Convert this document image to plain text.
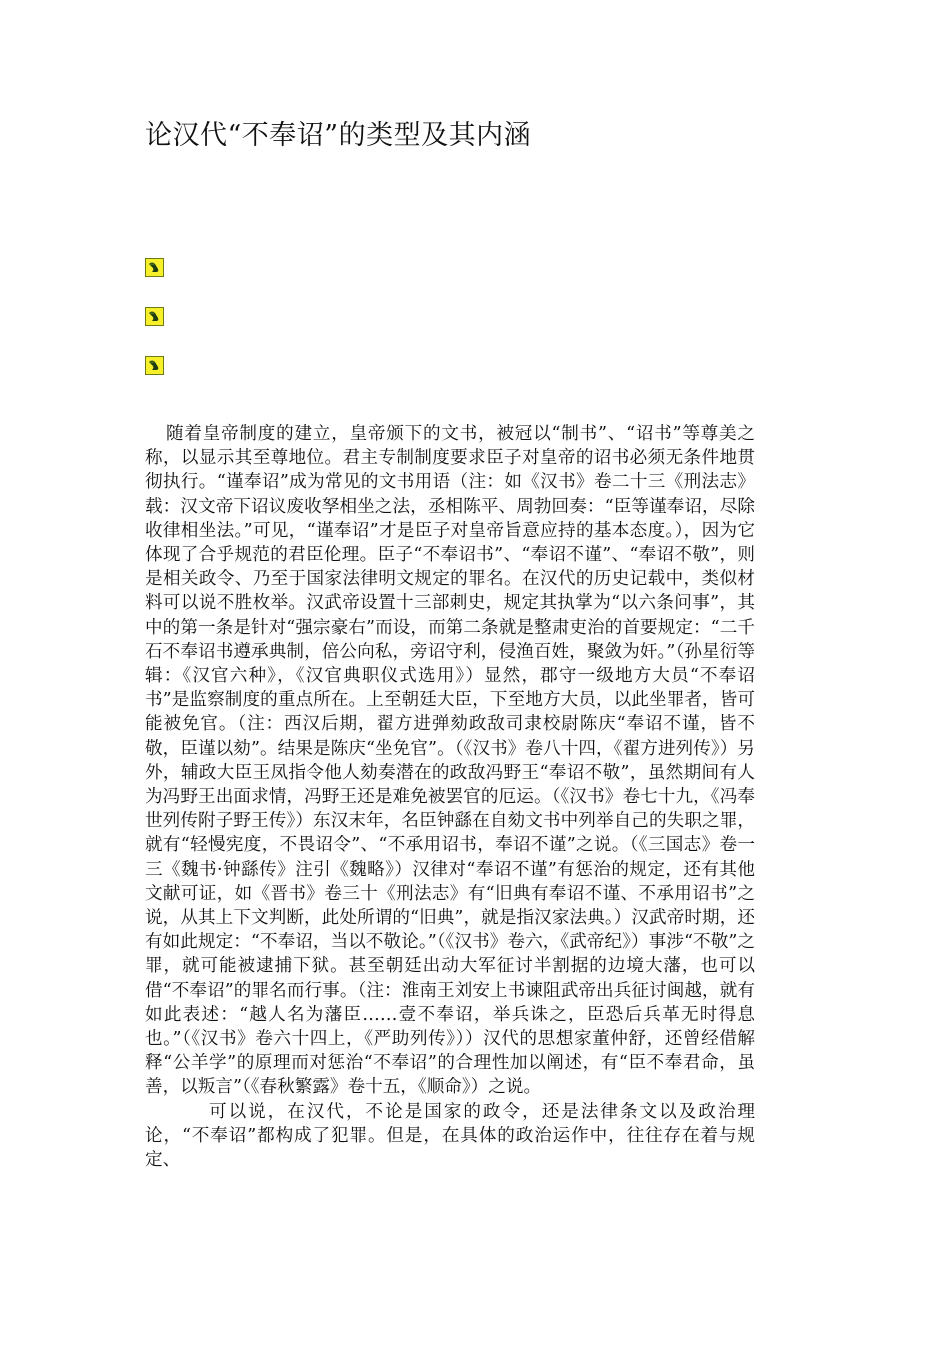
论汉代“不奉诏”的类型及其内涵

随着皇帝制度的建立，皇帝颁下的文书，被冠以“制书”、“诏书”等尊美之称，以显示其至尊地位。君主专制制度要求臣子对皇帝的诏书必须无条件地贯彻执行。“谨奉诏”成为常见的文书用语（注：如《汉书》卷二十三《刑法志》载：汉文帝下诏议废收孥相坐之法，丞相陈平、周勃回奏：“臣等谨奉诏，尽除收律相坐法。”可见，“谨奉诏”才是臣子对皇帝旨意应持的基本态度。），因为它体现了合乎规范的君臣伦理。臣子“不奉诏书”、“奉诏不谨”、“奉诏不敬”，则是相关政令、乃至于国家法律明文规定的罪名。在汉代的历史记载中，类似材料可以说不胜枚举。汉武帝设置十三部刺史，规定其执掌为“以六条问事”，其中的第一条是针对“强宗豪右”而设，而第二条就是整肃吏治的首要规定：“二千石不奉诏书遵承典制，倍公向私，旁诏守利，侵渔百姓，聚敛为奸。”（孙星衍等辑：《汉官六种》，《汉官典职仪式选用》）显然，郡守一级地方大员“不奉诏书”是监察制度的重点所在。上至朝廷大臣，下至地方大员，以此坐罪者，皆可能被免官。（注：西汉后期，翟方进弹劾政敌司隶校尉陈庆“奉诏不谨，皆不敬，臣谨以劾”。结果是陈庆“坐免官”。（《汉书》卷八十四，《翟方进列传》）另外，辅政大臣王凤指令他人劾奏潜在的政敌冯野王“奉诏不敬”，虽然期间有人为冯野王出面求情，冯野王还是难免被罢官的厄运。（《汉书》卷七十九，《冯奉世列传附子野王传》）东汉末年，名臣钟繇在自劾文书中列举自己的失职之罪，就有“轻慢宪度，不畏诏令”、“不承用诏书，奉诏不谨”之说。（《三国志》卷一三《魏书·钟繇传》注引《魏略》）汉律对“奉诏不谨”有惩治的规定，还有其他文献可证，如《晋书》卷三十《刑法志》有“旧典有奉诏不谨、不承用诏书”之说，从其上下文判断，此处所谓的“旧典”，就是指汉家法典。）汉武帝时期，还有如此规定：“不奉诏，当以不敬论。”（《汉书》卷六，《武帝纪》）事涉“不敬”之罪，就可能被逮捕下狱。甚至朝廷出动大军征讨半割据的边境大藩，也可以借“不奉诏”的罪名而行事。（注：淮南王刘安上书谏阻武帝出兵征讨闽越，就有如此表述：“越人名为藩臣……壹不奉诏，举兵诛之，臣恐后兵革无时得息也。”（《汉书》卷六十四上，《严助列传》））汉代的思想家董仲舒，还曾经借解释“公羊学”的原理而对惩治“不奉诏”的合理性加以阐述，有“臣不奉君命，虽善，以叛言”（《春秋繁露》卷十五，《顺命》）之说。

可以说，在汉代，不论是国家的政令，还是法律条文以及政治理论，“不奉诏”都构成了犯罪。但是，在具体的政治运作中，往往存在着与规定、
